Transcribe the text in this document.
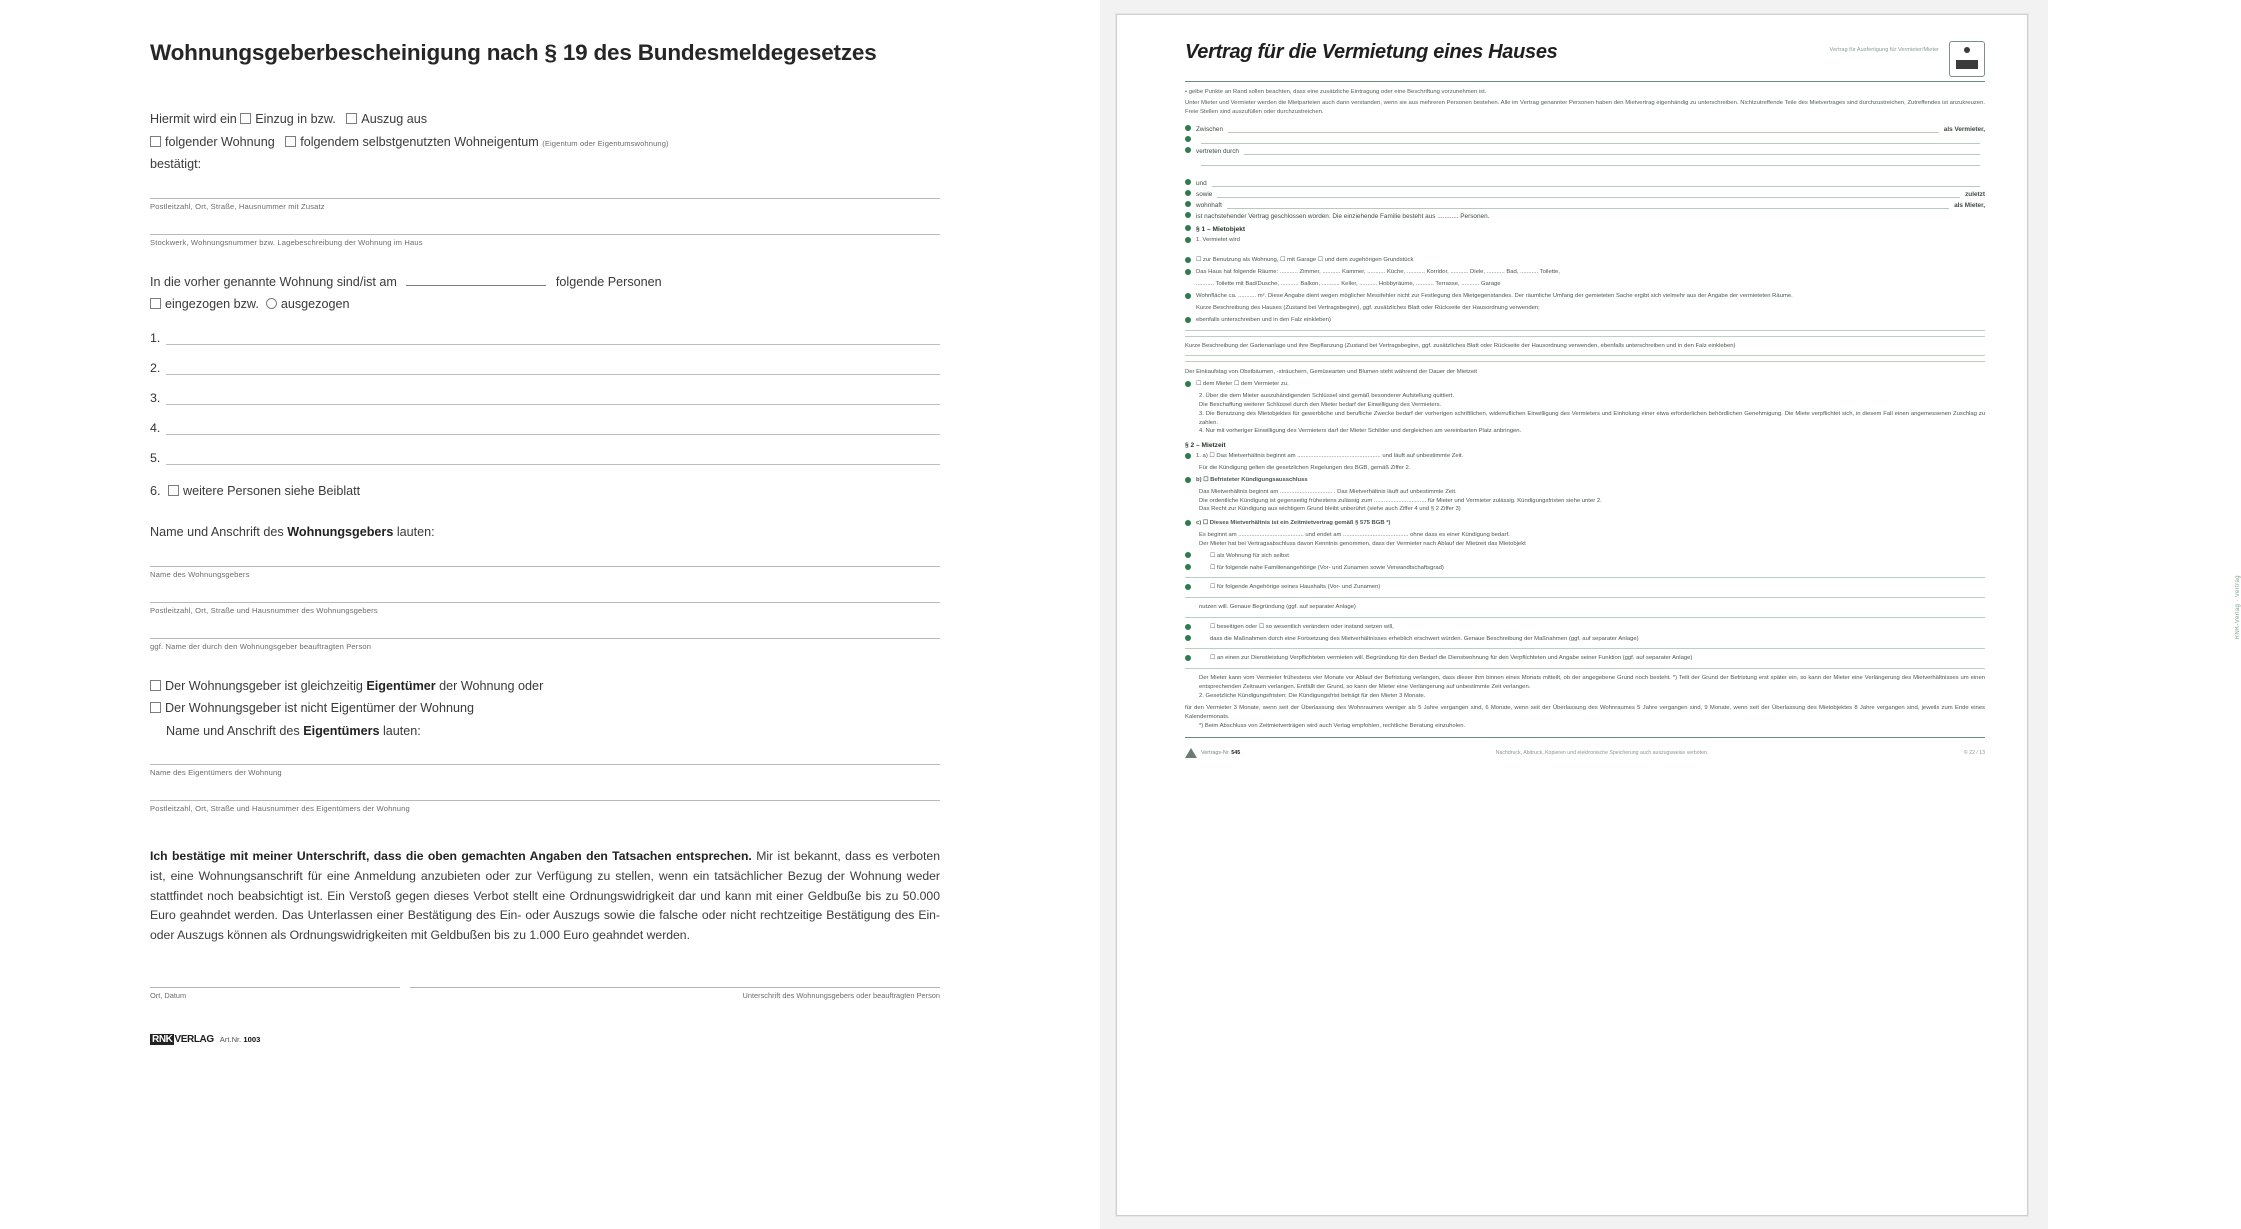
Wohnungsgeberbescheinigung nach § 19 des Bundesmeldegesetzes
Hiermit wird ein Einzug in bzw. Auszug aus
folgender Wohnung folgendem selbstgenutzten Wohneigentum (Eigentum oder Eigentumswohnung)
bestätigt:
Postleitzahl, Ort, Straße, Hausnummer mit Zusatz
Stockwerk, Wohnungsnummer bzw. Lagebeschreibung der Wohnung im Haus
In die vorher genannte Wohnung sind/ist am	folgende Personen
eingezogen bzw. ausgezogen
1.
2.
3.
4.
5.
6. weitere Personen siehe Beiblatt
Name und Anschrift des Wohnungsgebers lauten:
Name des Wohnungsgebers
Postleitzahl, Ort, Straße und Hausnummer des Wohnungsgebers
ggf. Name der durch den Wohnungsgeber beauftragten Person
Der Wohnungsgeber ist gleichzeitig Eigentümer der Wohnung oder
Der Wohnungsgeber ist nicht Eigentümer der Wohnung
Name und Anschrift des Eigentümers lauten:
Name des Eigentümers der Wohnung
Postleitzahl, Ort, Straße und Hausnummer des Eigentümers der Wohnung
Ich bestätige mit meiner Unterschrift, dass die oben gemachten Angaben den Tatsachen entsprechen. Mir ist bekannt, dass es verboten ist, eine Wohnungsanschrift für eine Anmeldung anzubieten oder zur Verfügung zu stellen, wenn ein tatsächlicher Bezug der Wohnung weder stattfindet noch beabsichtigt ist. Ein Verstoß gegen dieses Verbot stellt eine Ordnungswidrigkeit dar und kann mit einer Geldbuße bis zu 50.000 Euro geahndet werden. Das Unterlassen einer Bestätigung des Ein- oder Auszugs sowie die falsche oder nicht rechtzeitige Bestätigung des Ein- oder Auszugs können als Ordnungswidrigkeiten mit Geldbußen bis zu 1.000 Euro geahndet werden.
Ort, Datum	Unterschrift des Wohnungsgebers oder beauftragten Person
RNK VERLAG Art.Nr. 1003
Vertrag für die Vermietung eines Hauses	Vertrag für Ausfertigung für Vermieter/Mieter
• gelbe Punkte an Rand sollen beachten, dass eine zusätzliche Eintragung oder eine Beschriftung vorzunehmen ist.
Unter Mieter und Vermieter werden die Mietparteien auch dann verstanden, wenn sie aus mehreren Personen bestehen. Alle im Vertrag genannter Personen haben den Mietvertrag eigenhändig zu unterschreiben. Nichtzutreffende Teile des Mietvertrages sind durchzustreichen, Zutreffendes ist anzukreuzen. Freie Stellen sind auszufüllen oder durchzustreichen.
Zwischen	als Vermieter,
vertreten durch
und
sowie	zuletzt
wohnhaft	als Mieter,
ist nachstehender Vertrag geschlossen worden. Die einziehende Familie besteht aus ............ Personen.
§ 1 – Mietobjekt
1. Vermietet wird
☐ zur Benutzung als Wohnung, ☐ mit Garage ☐ und dem zugehörigen Grundstück
Das Haus hat folgende Räume: ........... Zimmer, ........... Kammer, ........... Küche, ........... Korridor, ........... Diele, ........... Bad, ........... Toilette,
........... Toilette mit Bad/Dusche, ........... Balkon, ........... Keller, ........... Hobbyräume, ........... Terrasse, ........... Garage
Wohnfläche ca. ........... m². Diese Angabe dient wegen möglicher Messfehler nicht zur Festlegung des Mietgegenstandes. Der räumliche Umfang der gemieteten Sache ergibt sich vielmehr aus der Angabe der vermieteten Räume.
Kurze Beschreibung des Hauses (Zustand bei Vertragsbeginn), ggf. zusätzliches Blatt oder Rückseite der Hausordnung verwenden;
ebenfalls unterschreiben und in den Falz einkleben)
Kurze Beschreibung der Gartenanlage und ihre Bepflanzung (Zustand bei Vertragsbeginn, ggf. zusätzliches Blatt oder Rückseite der Hausordnung verwenden, ebenfalls unterschreiben und in den Falz einkleben)
Der Einkaufstag von Obstbäumen, -sträuchern, Gemüsearten und Blumen steht während der Dauer der Mietzeit
☐ dem Mieter ☐ dem Vermieter zu.
2. Über die dem Mieter auszuhändigenden Schlüssel sind gemäß besonderer Aufstellung quittiert.
Die Beschaffung weiterer Schlüssel durch den Mieter bedarf der Einwilligung des Vermieters.
3. Die Benutzung des Mietobjektes für gewerbliche und berufliche Zwecke bedarf der vorherigen schriftlichen, widerruflichen Einwilligung des Vermieters und Einholung einer etwa erforderlichen behördlichen Genehmigung. Die Miete verpflichtet sich, in diesem Fall einen angemessenen Zuschlag zu zahlen.
4. Nur mit vorheriger Einwilligung des Vermieters darf der Mieter Schilder und dergleichen am vereinbarten Platz anbringen.
§ 2 – Mietzeit
1. a) ☐ Das Mietverhältnis beginnt am ................................................... und läuft auf unbestimmte Zeit.
Für die Kündigung gelten die gesetzlichen Regelungen des BGB, gemäß Ziffer 2.
b) ☐ Befristeter Kündigungsausschluss
Das Mietverhältnis beginnt am ................................ . Das Mietverhältnis läuft auf unbestimmte Zeit.
Die ordentliche Kündigung ist gegenseitig frühestens zulässig zum ................................ für Mieter und Vermieter zulässig. Kündigungsfristen siehe unter 2.
Das Recht zur Kündigung aus wichtigem Grund bleibt unberührt (siehe auch Ziffer 4 und § 2 Ziffer 3)
c) ☐ Dieses Mietverhältnis ist ein Zeitmietvertrag gemäß § 575 BGB *)
Es beginnt am ........................................ und endet am ........................................ ohne dass es einer Kündigung bedarf.
Der Mieter hat bei Vertragsabschluss davon Kenntnis genommen, dass der Vermieter nach Ablauf der Mietzeit das Mietobjekt
☐ als Wohnung für sich selbst
☐ für folgende nahe Familienangehörige (Vor- und Zunamen sowie Verwandtschaftsgrad)
☐ für folgende Angehörige seines Haushalts (Vor- und Zunamen)
nutzen will. Genaue Begründung (ggf. auf separater Anlage)
☐ beseitigen oder ☐ so wesentlich verändern oder instand setzen will,
dass die Maßnahmen durch eine Fortsetzung des Mietverhältnisses erheblich erschwert würden. Genaue Beschreibung der Maßnahmen (ggf. auf separater Anlage)
☐ an einen zur Dienstleistung Verpflichteten vermieten will. Begründung für den Bedarf die Dienstwohnung für den Verpflichteten und Angabe seiner Funktion (ggf. auf separater Anlage)
Der Mieter kann vom Vermieter frühestens vier Monate vor Ablauf der Befristung verlangen, dass dieser ihm binnen eines Monats mitteilt, ob der angegebene Grund noch besteht. *) Teilt der Grund der Befristung erst später ein, so kann der Mieter eine Verlängerung des Mietverhältnisses um einen entsprechenden Zeitraum verlangen. Entfällt der Grund, so kann der Mieter eine Verlängerung auf unbestimmte Zeit verlangen.
2. Gesetzliche Kündigungsfristen: Die Kündigungsfrist beträgt für den Mieter 3 Monate.
für den Vermieter 3 Monate, wenn seit der Überlassung des Wohnraumes weniger als 5 Jahre vergangen sind, 6 Monate, wenn seit der Überlassung des Wohnraumes 5 Jahre vergangen sind, 9 Monate, wenn seit der Überlassung des Mietobjektes 8 Jahre vergangen sind, jeweils zum Ende eines Kalendermonats.
*) Beim Abschluss von Zeitmietverträgen wird auch Verlag empfohlen, rechtliche Beratung einzuholen.
Vertrags-Nr. 545	Nachdruck, Abdruck, Kopieren und elektronische Speicherung auch auszugsweise verboten.	© 22 / 13
RNK-Verlag · Vertrag
